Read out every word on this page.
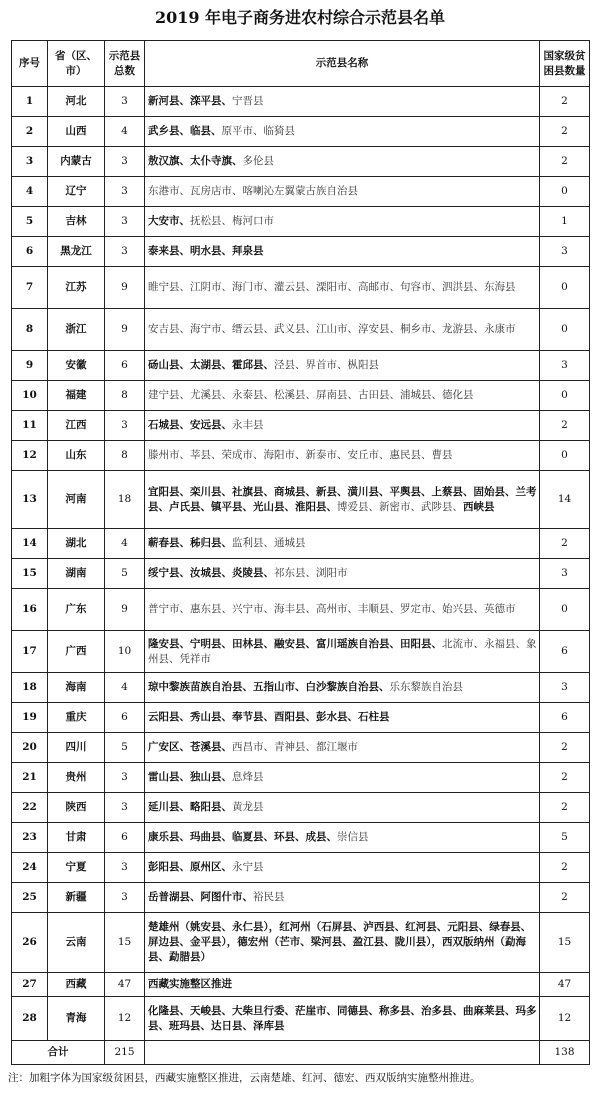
2019 年电子商务进农村综合示范县名单
序号	省（区、市）	示范县总数	示范县名称	国家级贫困县数量
1	河北	3	新河县、滦平县、宁晋县	2
2	山西	4	武乡县、临县、原平市、临猗县	2
3	内蒙古	3	敖汉旗、太仆寺旗、多伦县	2
4	辽宁	3	东港市、瓦房店市、喀喇沁左翼蒙古族自治县	0
5	吉林	3	大安市、抚松县、梅河口市	1
6	黑龙江	3	泰来县、明水县、拜泉县	3
7	江苏	9	睢宁县、江阴市、海门市、灌云县、溧阳市、高邮市、句容市、泗洪县、东海县	0
8	浙江	9	安吉县、海宁市、缙云县、武义县、江山市、淳安县、桐乡市、龙游县、永康市	0
9	安徽	6	砀山县、太湖县、霍邱县、泾县、界首市、枞阳县	3
10	福建	8	建宁县、尤溪县、永泰县、松溪县、屏南县、古田县、浦城县、德化县	0
11	江西	3	石城县、安远县、永丰县	2
12	山东	8	滕州市、莘县、荣成市、海阳市、新泰市、安丘市、惠民县、曹县	0
13	河南	18	宜阳县、栾川县、社旗县、商城县、新县、潢川县、平舆县、上蔡县、固始县、兰考县、卢氏县、镇平县、光山县、淮阳县、博爱县、新密市、武陟县、西峡县	14
14	湖北	4	蕲春县、秭归县、监利县、通城县	2
15	湖南	5	绥宁县、汝城县、炎陵县、祁东县、浏阳市	3
16	广东	9	普宁市、惠东县、兴宁市、海丰县、高州市、丰顺县、罗定市、始兴县、英德市	0
17	广西	10	隆安县、宁明县、田林县、融安县、富川瑶族自治县、田阳县、北流市、永福县、象州县、凭祥市	6
18	海南	4	琼中黎族苗族自治县、五指山市、白沙黎族自治县、乐东黎族自治县	3
19	重庆	6	云阳县、秀山县、奉节县、酉阳县、彭水县、石柱县	6
20	四川	5	广安区、苍溪县、西昌市、青神县、都江堰市	2
21	贵州	3	雷山县、独山县、息烽县	2
22	陕西	3	延川县、略阳县、黄龙县	2
23	甘肃	6	康乐县、玛曲县、临夏县、环县、成县、崇信县	5
24	宁夏	3	彭阳县、原州区、永宁县	2
25	新疆	3	岳普湖县、阿图什市、裕民县	2
26	云南	15	楚雄州（姚安县、永仁县），红河州（石屏县、泸西县、红河县、元阳县、绿春县、屏边县、金平县），德宏州（芒市、梁河县、盈江县、陇川县），西双版纳州（勐海县、勐腊县）	15
27	西藏	47	西藏实施整区推进	47
28	青海	12	化隆县、天峻县、大柴旦行委、茫崖市、同德县、称多县、治多县、曲麻莱县、玛多县、班玛县、达日县、泽库县	12
合计		215		138
注：加粗字体为国家级贫困县，西藏实施整区推进，云南楚雄、红河、德宏、西双版纳实施整州推进。
